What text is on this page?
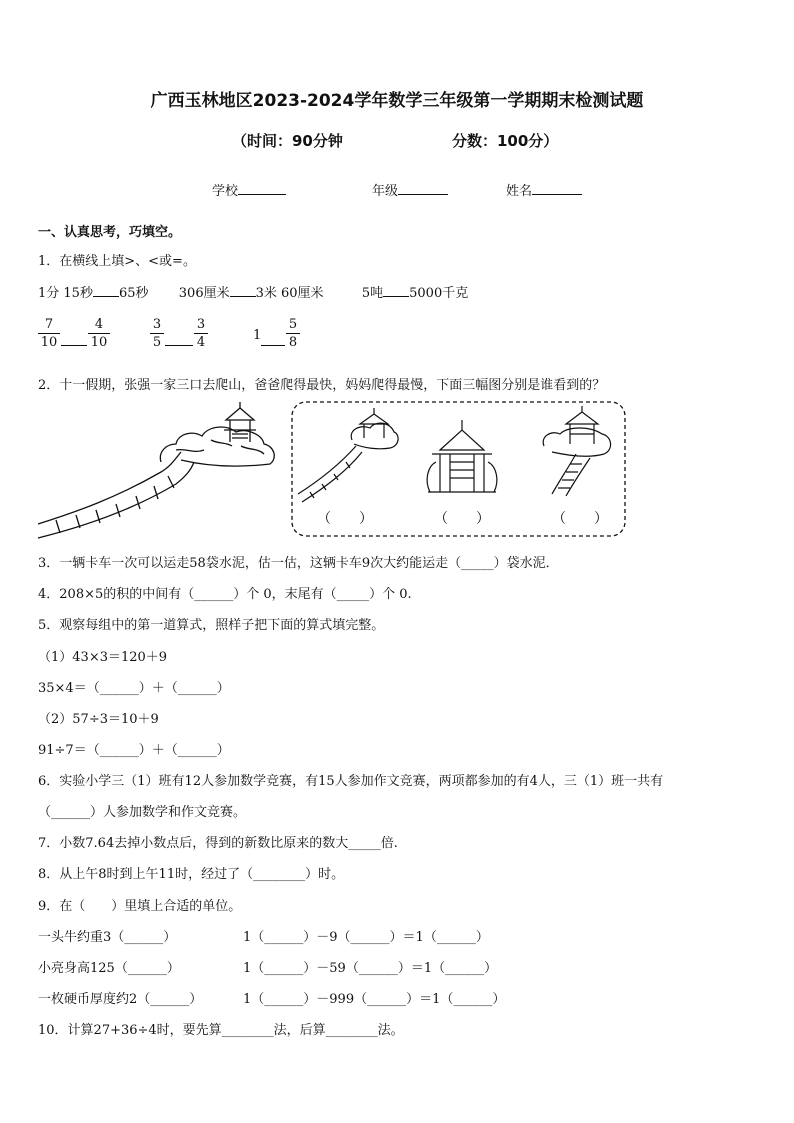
广西玉林地区2023-2024学年数学三年级第一学期期末检测试题
（时间：90分钟	分数：100分）
学校	年级	姓名
一、认真思考，巧填空。
1．在横线上填>、<或=。
1分 15秒 65秒 306厘米 3米 60厘米	5吨 5000千克
7
10
4
10
3
5
3
4	1
5
8
2．十一假期，张强一家三口去爬山，爸爸爬得最快，妈妈爬得最慢，下面三幅图分别是谁看到的？
（　　）	（　　）	（　　）
3．一辆卡车一次可以运走58袋水泥，估一估，这辆卡车9次大约能运走（_____）袋水泥．
4．208×5的积的中间有（______）个 0，末尾有（_____）个 0.
5．观察每组中的第一道算式，照样子把下面的算式填完整。
（1）43×3＝120＋9
35×4＝（______）＋（______）
（2）57÷3＝10＋9
91÷7＝（______）＋（______）
6．实验小学三（1）班有12人参加数学竞赛，有15人参加作文竞赛，两项都参加的有4人，三（1）班一共有
（______）人参加数学和作文竞赛。
7．小数7.64去掉小数点后，得到的新数比原来的数大_____倍.
8．从上午8时到上午11时，经过了（________）时。
9．在（　　）里填上合适的单位。
一头牛约重3（______）	1（______）－9（______）＝1（______）
小亮身高125（______）	1（______）－59（______）＝1（______）
一枚硬币厚度约2（______）	1（______）－999（______）＝1（______）
10．计算27+36÷4时，要先算________法，后算________法。
